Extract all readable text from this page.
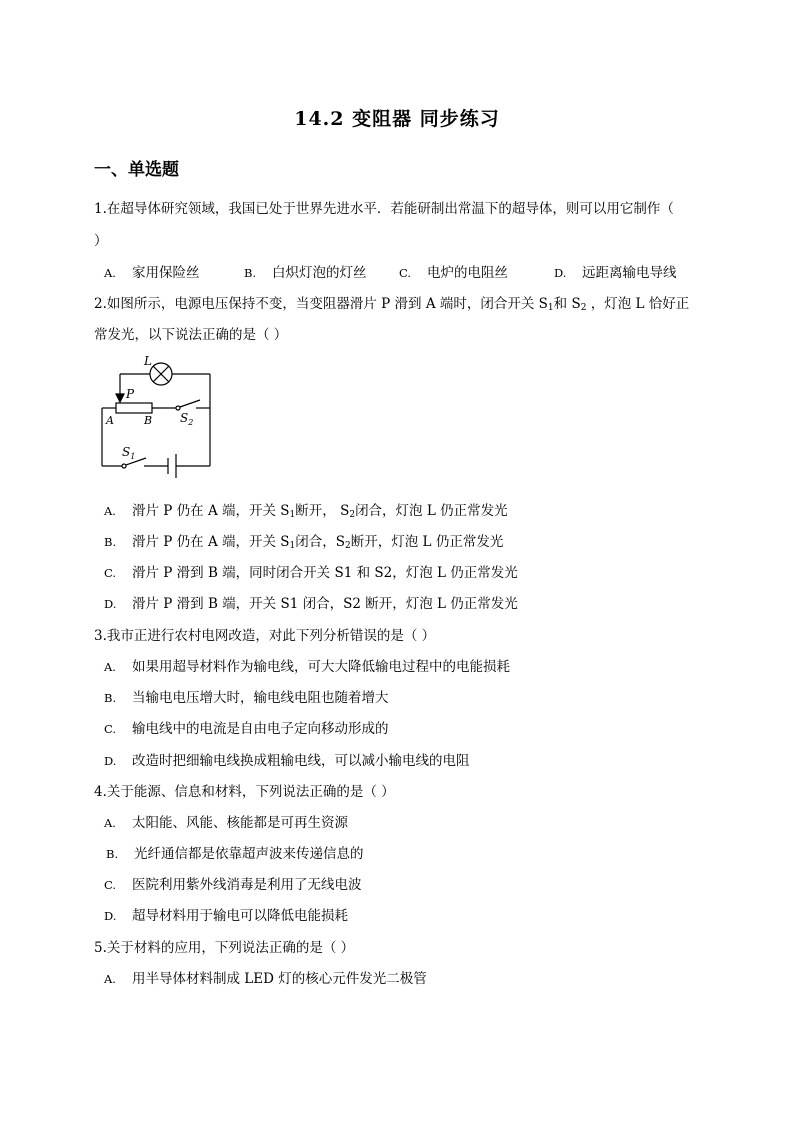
14.2 变阻器 同步练习
一、单选题
1.在超导体研究领域，我国已处于世界先进水平．若能研制出常温下的超导体，则可以用它制作（
）
A. 家用保险丝	B. 白炽灯泡的灯丝	C. 电炉的电阻丝	D. 远距离输电导线
2.如图所示，电源电压保持不变，当变阻器滑片 P 滑到 A 端时，闭合开关 $S_1$和 $S_2$ ，灯泡 L 恰好正
常发光，以下说法正确的是（ ）
L
P
A	B $S_2$
$S_1$
A. 滑片 P 仍在 A 端，开关 $S_1$断开， $S_2$闭合，灯泡 L 仍正常发光
B. 滑片 P 仍在 A 端，开关 $S_1$闭合，$S_2$断开，灯泡 L 仍正常发光
C. 滑片 P 滑到 B 端，同时闭合开关 S1 和 S2，灯泡 L 仍正常发光
D. 滑片 P 滑到 B 端，开关 S1 闭合，S2 断开，灯泡 L 仍正常发光
3.我市正进行农村电网改造，对此下列分析错误的是（ ）
A. 如果用超导材料作为输电线，可大大降低输电过程中的电能损耗
B. 当输电电压增大时，输电线电阻也随着增大
C. 输电线中的电流是自由电子定向移动形成的
D. 改造时把细输电线换成粗输电线，可以减小输电线的电阻
4.关于能源、信息和材料，下列说法正确的是（ ）
A. 太阳能、风能、核能都是可再生资源
B. 光纤通信都是依靠超声波来传递信息的
C. 医院利用紫外线消毒是利用了无线电波
D. 超导材料用于输电可以降低电能损耗
5.关于材料的应用，下列说法正确的是（ ）
A. 用半导体材料制成 LED 灯的核心元件发光二极管
